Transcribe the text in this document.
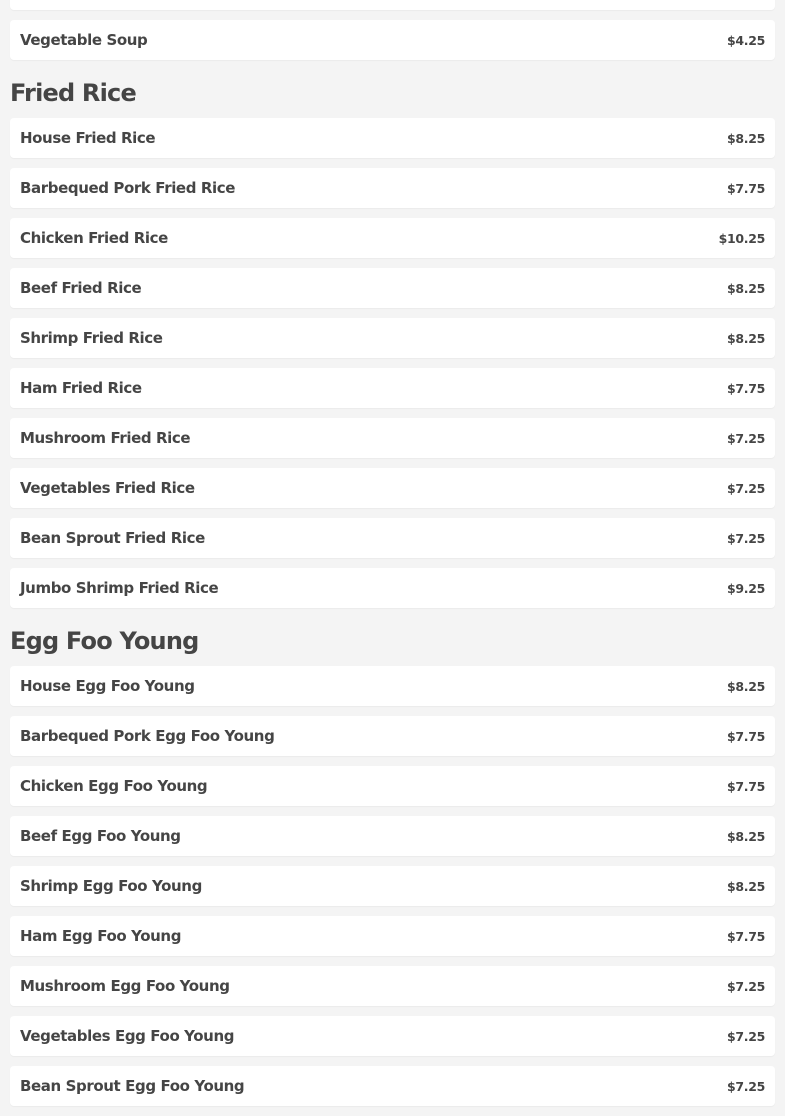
Vegetable Soup	$4.25
Fried Rice
House Fried Rice	$8.25
Barbequed Pork Fried Rice	$7.75
Chicken Fried Rice	$10.25
Beef Fried Rice	$8.25
Shrimp Fried Rice	$8.25
Ham Fried Rice	$7.75
Mushroom Fried Rice	$7.25
Vegetables Fried Rice	$7.25
Bean Sprout Fried Rice	$7.25
Jumbo Shrimp Fried Rice	$9.25
Egg Foo Young
House Egg Foo Young	$8.25
Barbequed Pork Egg Foo Young	$7.75
Chicken Egg Foo Young	$7.75
Beef Egg Foo Young	$8.25
Shrimp Egg Foo Young	$8.25
Ham Egg Foo Young	$7.75
Mushroom Egg Foo Young	$7.25
Vegetables Egg Foo Young	$7.25
Bean Sprout Egg Foo Young	$7.25
